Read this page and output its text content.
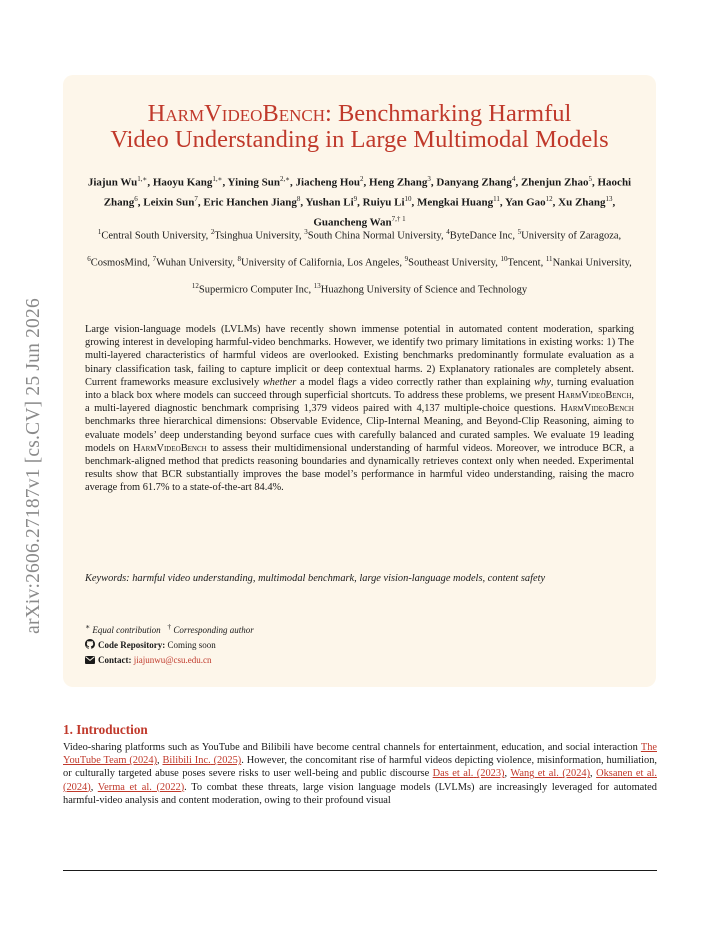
arXiv:2606.27187v1 [cs.CV] 25 Jun 2026
HarmVideoBench: Benchmarking Harmful
Video Understanding in Large Multimodal Models
Jiajun $Wu^{1,∗}$, Haoyu Kang$^{1,∗}$, Yining Sun$^{2,∗}$, Jiacheng Hou$^2$, Heng Zhang$^3$, Danyang Zhang$^4$, Zhenjun Zhao$^5$, Haochi Zhang$^6$, Leixin Sun$^7$, Eric Hanchen Jiang$^8$, Yushan Li$^9$, Ruiyu Li$^{10}$, Mengkai Huang$^{11}$, Yan Gao$^{12}$, Xu Zhang$^{13}$, Guancheng Wan$^{7,\dagger 1}$
$^1$Central South University, $^2$Tsinghua University, $^3$South China Normal University, $^4$ByteDance Inc, $^5$University of Zaragoza, $^6$CosmosMind, $^7$Wuhan University, $^8$University of California, Los Angeles, $^9$Southeast University, $^{10}$Tencent, $^{11}$Nankai University, $^{12}$Supermicro Computer Inc, $^{13}$Huazhong University of Science and Technology
Large vision-language models (LVLMs) have recently shown immense potential in automated content moderation, sparking growing interest in developing harmful-video benchmarks. However, we identify two primary limitations in existing works: 1) The multi-layered characteristics of harmful videos are overlooked. Existing benchmarks predominantly formulate evaluation as a binary classification task, failing to capture implicit or deep contextual harms. 2) Explanatory rationales are completely absent. Current frameworks measure exclusively whether a model flags a video correctly rather than explaining why, turning evaluation into a black box where models can succeed through superficial shortcuts. To address these problems, we present HarmVideoBench, a multi-layered diagnostic benchmark comprising 1,379 videos paired with 4,137 multiple-choice questions. HarmVideoBench benchmarks three hierarchical dimensions: Observable Evidence, Clip-Internal Meaning, and Beyond-Clip Reasoning, aiming to evaluate models’ deep understanding beyond surface cues with carefully balanced and curated samples. We evaluate 19 leading models on HarmVideoBench to assess their multidimensional understanding of harmful videos. Moreover, we introduce BCR, a benchmark-aligned method that predicts reasoning boundaries and dynamically retrieves context only when needed. Experimental results show that BCR substantially improves the base model’s performance in harmful video understanding, raising the macro average from 61.7% to a state-of-the-art 84.4%.
Keywords: harmful video understanding, multimodal benchmark, large vision-language models, content safety
∗ Equal contribution † Corresponding author
Code Repository: Coming soon
Contact: jiajunwu@csu.edu.cn
1. Introduction
Video-sharing platforms such as YouTube and Bilibili have become central channels for entertainment, education, and social interaction The YouTube Team (2024), Bilibili Inc. (2025). However, the concomitant rise of harmful videos depicting violence, misinformation, humiliation, or culturally targeted abuse poses severe risks to user well-being and public discourse Das et al. (2023), Wang et al. (2024), Oksanen et al. (2024), Verma et al. (2022). To combat these threats, large vision language models (LVLMs) are increasingly leveraged for automated harmful-video analysis and content moderation, owing to their profound visual
